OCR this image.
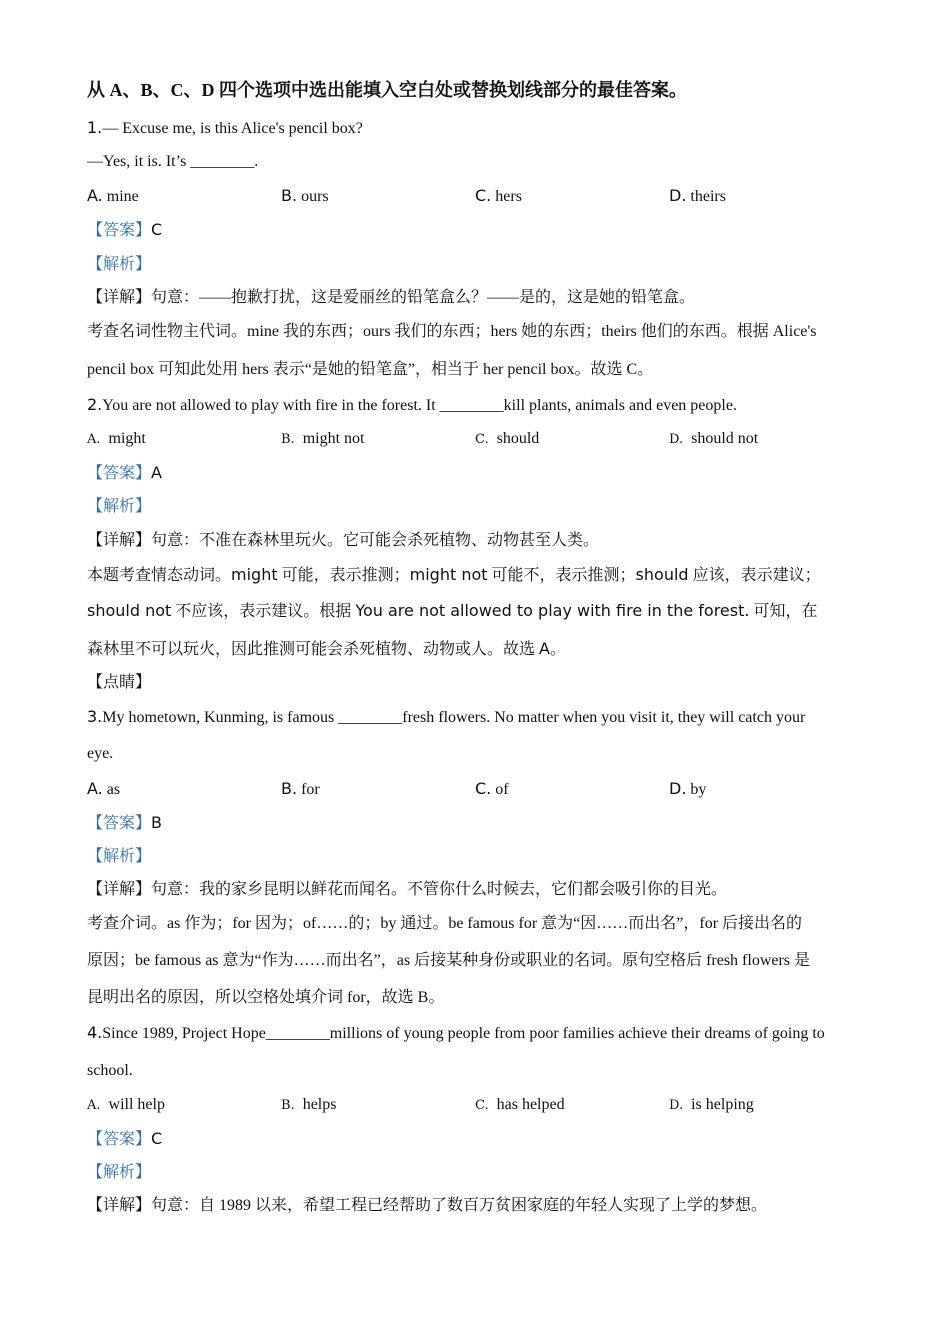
从 A、B、C、D 四个选项中选出能填入空白处或替换划线部分的最佳答案。
1.— Excuse me, is this Alice's pencil box?
—Yes, it is. It’s ________.
A. mine	B. ours	C. hers	D. theirs
【答案】C
【解析】
【详解】句意：——抱歉打扰，这是爱丽丝的铅笔盒么？——是的，这是她的铅笔盒。
考查名词性物主代词。mine 我的东西；ours 我们的东西；hers 她的东西；theirs 他们的东西。根据 Alice's
pencil box 可知此处用 hers 表示“是她的铅笔盒”，相当于 her pencil box。故选 C。
2.You are not allowed to play with fire in the forest. It ________kill plants, animals and even people.
A. might	B. might not	C. should	D. should not
【答案】A
【解析】
【详解】句意：不准在森林里玩火。它可能会杀死植物、动物甚至人类。
本题考查情态动词。might 可能，表示推测；might not 可能不，表示推测；should 应该，表示建议；
should not 不应该，表示建议。根据 You are not allowed to play with fire in the forest. 可知，在
森林里不可以玩火，因此推测可能会杀死植物、动物或人。故选 A。
【点睛】
3.My hometown, Kunming, is famous ________fresh flowers. No matter when you visit it, they will catch your
eye.
A. as	B. for	C. of	D. by
【答案】B
【解析】
【详解】句意：我的家乡昆明以鲜花而闻名。不管你什么时候去，它们都会吸引你的目光。
考查介词。as 作为；for 因为；of……的；by 通过。be famous for 意为“因……而出名”，for 后接出名的
原因；be famous as 意为“作为……而出名”，as 后接某种身份或职业的名词。原句空格后 fresh flowers 是
昆明出名的原因，所以空格处填介词 for，故选 B。
4.Since 1989, Project Hope________millions of young people from poor families achieve their dreams of going to
school.
A. will help	B. helps	C. has helped	D. is helping
【答案】C
【解析】
【详解】句意：自 1989 以来，希望工程已经帮助了数百万贫困家庭的年轻人实现了上学的梦想。
